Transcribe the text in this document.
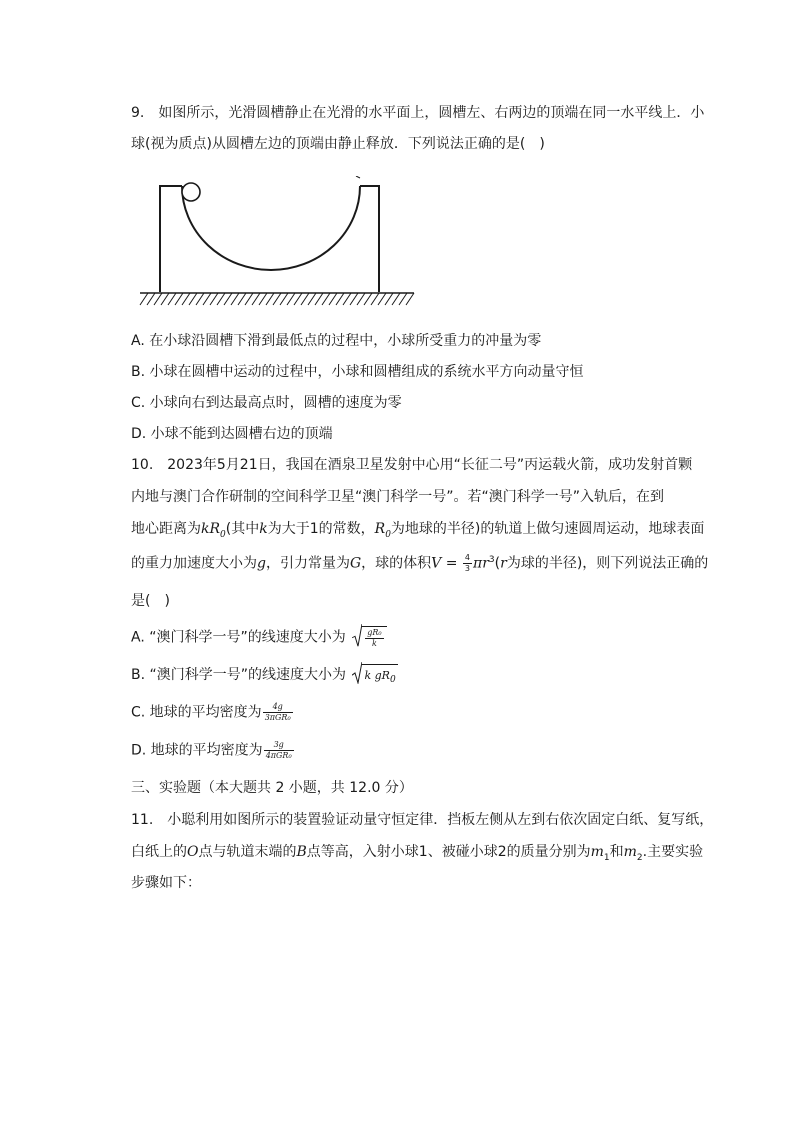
9.　如图所示，光滑圆槽静止在光滑的水平面上，圆槽左、右两边的顶端在同一水平线上．小
球(视为质点)从圆槽左边的顶端由静止释放．下列说法正确的是(　)
A. 在小球沿圆槽下滑到最低点的过程中，小球所受重力的冲量为零
B. 小球在圆槽中运动的过程中，小球和圆槽组成的系统水平方向动量守恒
C. 小球向右到达最高点时，圆槽的速度为零
D. 小球不能到达圆槽右边的顶端
10.　2023年5月21日，我国在酒泉卫星发射中心用“长征二号”丙运载火箭，成功发射首颗
内地与澳门合作研制的空间科学卫星“澳门科学一号”。若“澳门科学一号”入轨后，在到
地心距离为$kR_0$(其中k为大于1的常数，$R_0$为地球的半径)的轨道上做匀速圆周运动，地球表面
的重力加速度大小为g，引力常量为G，球的体积$V = \frac{4}{3} \pi r^3(r$为球的半径)，则下列说法正确的
是(　)
A. “澳门科学一号”的线速度大小为 $\frac{\text{gR₀}}{k}$
B. “澳门科学一号”的线速度大小为 k $gR_0$
C. 地球的平均密度为 $\frac{4g}{\text{3πGR₀}}$
D. 地球的平均密度为 $\frac{3g}{\text{4πGR₀}}$
三、实验题（本大题共 2 小题，共 12.0 分）
11.　小聪利用如图所示的装置验证动量守恒定律．挡板左侧从左到右依次固定白纸、复写纸，
白纸上的O点与轨道末端的B点等高，入射小球1、被碰小球2的质量分别为$m_1$和$m_2$.主要实验
步骤如下：
